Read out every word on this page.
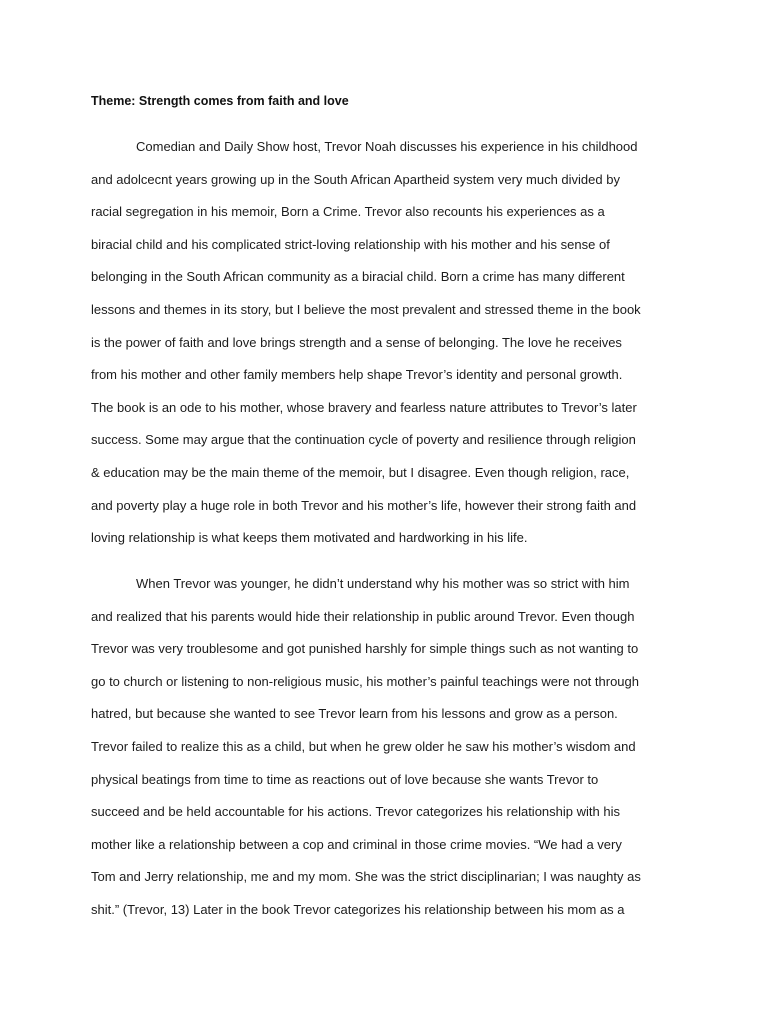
Theme: Strength comes from faith and love
Comedian and Daily Show host, Trevor Noah discusses his experience in his childhood
and adolcecnt years growing up in the South African Apartheid system very much divided by
racial segregation in his memoir, Born a Crime. Trevor also recounts his experiences as a
biracial child and his complicated strict-loving relationship with his mother and his sense of
belonging in the South African community as a biracial child. Born a crime has many different
lessons and themes in its story, but I believe the most prevalent and stressed theme in the book
is the power of faith and love brings strength and a sense of belonging. The love he receives
from his mother and other family members help shape Trevor’s identity and personal growth.
The book is an ode to his mother, whose bravery and fearless nature attributes to Trevor’s later
success. Some may argue that the continuation cycle of poverty and resilience through religion
& education may be the main theme of the memoir, but I disagree. Even though religion, race,
and poverty play a huge role in both Trevor and his mother’s life, however their strong faith and
loving relationship is what keeps them motivated and hardworking in his life.
When Trevor was younger, he didn’t understand why his mother was so strict with him
and realized that his parents would hide their relationship in public around Trevor. Even though
Trevor was very troublesome and got punished harshly for simple things such as not wanting to
go to church or listening to non-religious music, his mother’s painful teachings were not through
hatred, but because she wanted to see Trevor learn from his lessons and grow as a person.
Trevor failed to realize this as a child, but when he grew older he saw his mother’s wisdom and
physical beatings from time to time as reactions out of love because she wants Trevor to
succeed and be held accountable for his actions. Trevor categorizes his relationship with his
mother like a relationship between a cop and criminal in those crime movies. “We had a very
Tom and Jerry relationship, me and my mom. She was the strict disciplinarian; I was naughty as
shit.” (Trevor, 13) Later in the book Trevor categorizes his relationship between his mom as a
